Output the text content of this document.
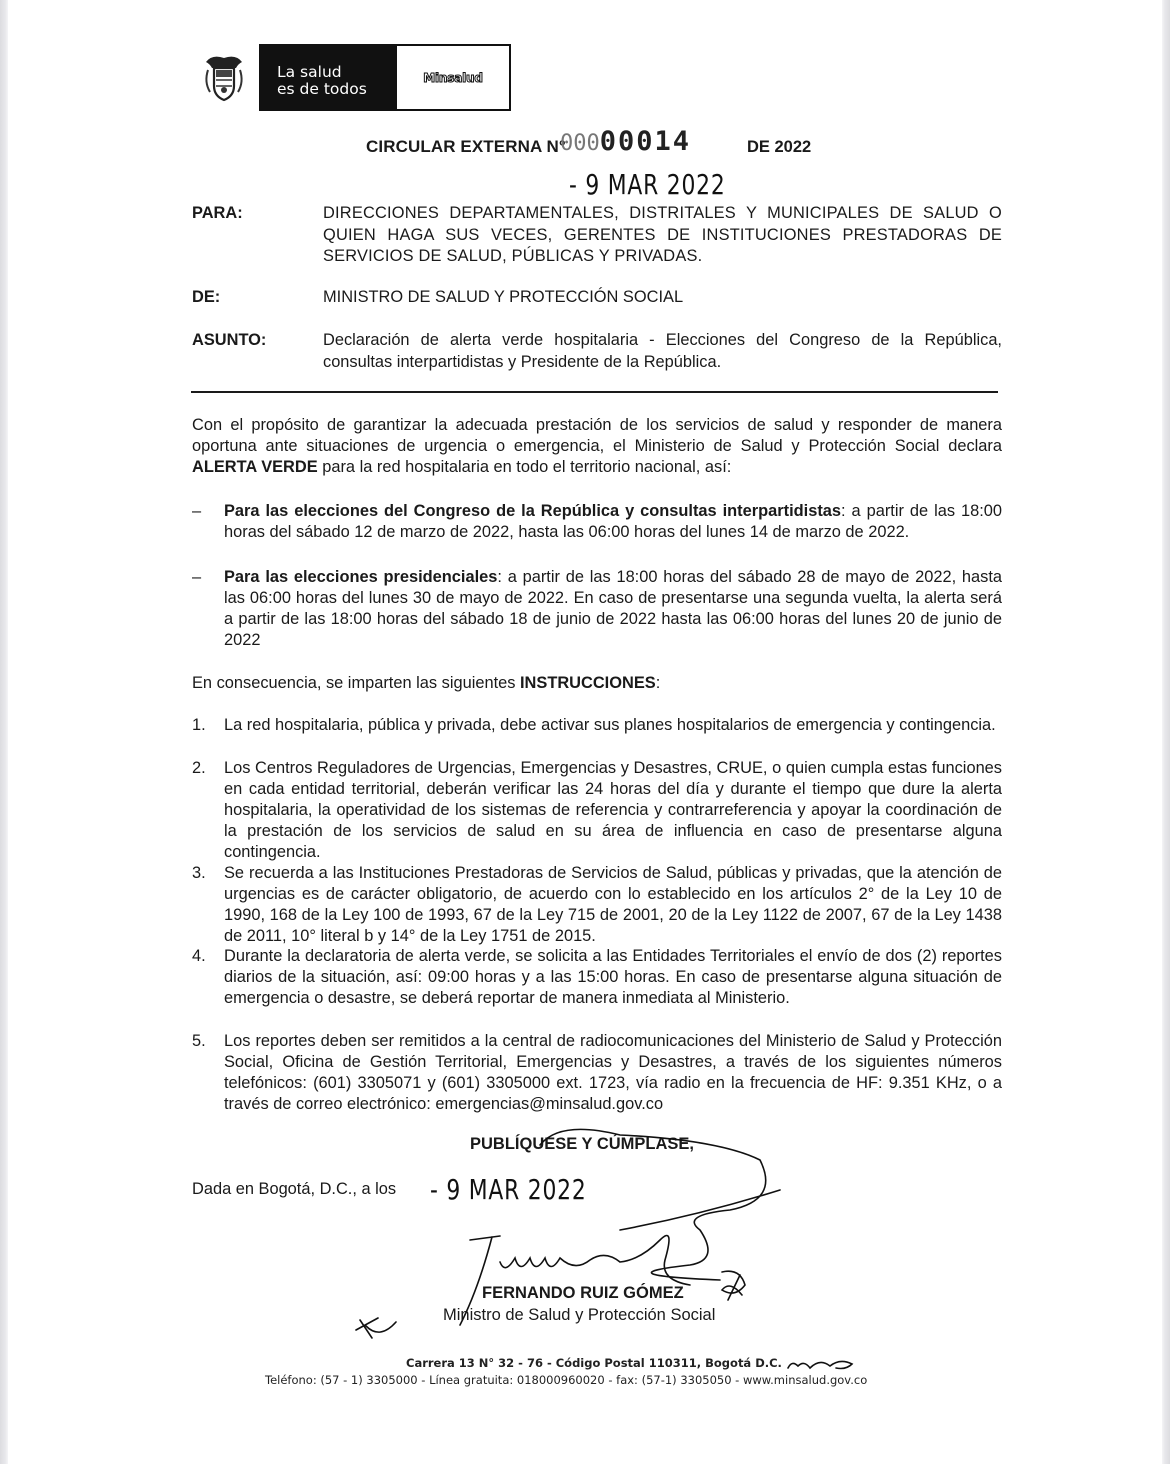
La salud
es de todos
Minsalud
CIRCULAR EXTERNA N°
00000014	DE 2022
- 9 MAR 2022
PARA:	DIRECCIONES DEPARTAMENTALES, DISTRITALES Y MUNICIPALES DE SALUD O QUIEN HAGA SUS VECES, GERENTES DE INSTITUCIONES PRESTADORAS DE SERVICIOS DE SALUD, PÚBLICAS Y PRIVADAS.
DE:	MINISTRO DE SALUD Y PROTECCIÓN SOCIAL
ASUNTO:	Declaración de alerta verde hospitalaria - Elecciones del Congreso de la República, consultas interpartidistas y Presidente de la República.
Con el propósito de garantizar la adecuada prestación de los servicios de salud y responder de manera oportuna ante situaciones de urgencia o emergencia, el Ministerio de Salud y Protección Social declara ALERTA VERDE para la red hospitalaria en todo el territorio nacional, así:
– Para las elecciones del Congreso de la República y consultas interpartidistas: a partir de las 18:00 horas del sábado 12 de marzo de 2022, hasta las 06:00 horas del lunes 14 de marzo de 2022.
– Para las elecciones presidenciales: a partir de las 18:00 horas del sábado 28 de mayo de 2022, hasta las 06:00 horas del lunes 30 de mayo de 2022. En caso de presentarse una segunda vuelta, la alerta será a partir de las 18:00 horas del sábado 18 de junio de 2022 hasta las 06:00 horas del lunes 20 de junio de 2022
En consecuencia, se imparten las siguientes INSTRUCCIONES:
1. La red hospitalaria, pública y privada, debe activar sus planes hospitalarios de emergencia y contingencia.
2. Los Centros Reguladores de Urgencias, Emergencias y Desastres, CRUE, o quien cumpla estas funciones en cada entidad territorial, deberán verificar las 24 horas del día y durante el tiempo que dure la alerta hospitalaria, la operatividad de los sistemas de referencia y contrarreferencia y apoyar la coordinación de la prestación de los servicios de salud en su área de influencia en caso de presentarse alguna contingencia.
3. Se recuerda a las Instituciones Prestadoras de Servicios de Salud, públicas y privadas, que la atención de urgencias es de carácter obligatorio, de acuerdo con lo establecido en los artículos 2° de la Ley 10 de 1990, 168 de la Ley 100 de 1993, 67 de la Ley 715 de 2001, 20 de la Ley 1122 de 2007, 67 de la Ley 1438 de 2011, 10° literal b y 14° de la Ley 1751 de 2015.
4. Durante la declaratoria de alerta verde, se solicita a las Entidades Territoriales el envío de dos (2) reportes diarios de la situación, así: 09:00 horas y a las 15:00 horas. En caso de presentarse alguna situación de emergencia o desastre, se deberá reportar de manera inmediata al Ministerio.
5. Los reportes deben ser remitidos a la central de radiocomunicaciones del Ministerio de Salud y Protección Social, Oficina de Gestión Territorial, Emergencias y Desastres, a través de los siguientes números telefónicos: (601) 3305071 y (601) 3305000 ext. 1723, vía radio en la frecuencia de HF: 9.351 KHz, o a través de correo electrónico: emergencias@minsalud.gov.co
PUBLÍQUESE Y CÚMPLASE,
Dada en Bogotá, D.C., a los - 9 MAR 2022
FERNANDO RUIZ GÓMEZ
Ministro de Salud y Protección Social
Carrera 13 N° 32 - 76 - Código Postal 110311, Bogotá D.C.
Teléfono: (57 - 1) 3305000 - Línea gratuita: 018000960020 - fax: (57-1) 3305050 - www.minsalud.gov.co
